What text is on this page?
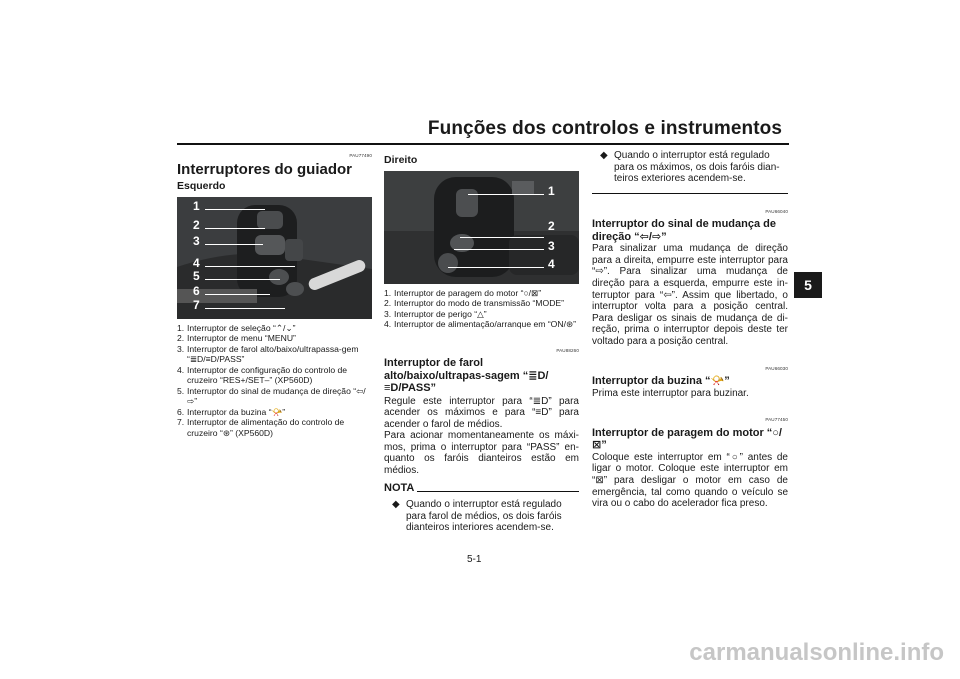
Funções dos controlos e instrumentos
5
PAU77490
Interruptores do guiador
Esquerdo
1
2
3
4
5
6
7
1. Interruptor de seleção “⌃/⌄”
2. Interruptor de menu “MENU”
3. Interruptor de farol alto/baixo/ultrapassa-gem “≣D/≡D/PASS”
4. Interruptor de configuração do controlo de cruzeiro “RES+/SET–” (XP560D)
5. Interruptor do sinal de mudança de direção “⇦/⇨”
6. Interruptor da buzina “📯”
7. Interruptor de alimentação do controlo de cruzeiro “⊛” (XP560D)
Direito
1
2
3
4
1. Interruptor de paragem do motor “○/⊠”
2. Interruptor do modo de transmissão “MODE”
3. Interruptor de perigo “△”
4. Interruptor de alimentação/arranque em “ON/⊛”
PAU88260
Interruptor de farol alto/baixo/ultrapas-sagem “≣D/≡D/PASS”
Regule este interruptor para “≣D” para acender os máximos e para “≡D” para acender o farol de médios.
Para acionar momentaneamente os máxi-mos, prima o interruptor para “PASS” en-quanto os faróis dianteiros estão em médios.
NOTA
◆ Quando o interruptor está regulado para farol de médios, os dois faróis dianteiros interiores acendem-se.
◆ Quando o interruptor está regulado para os máximos, os dois faróis dian-teiros exteriores acendem-se.
PAU66040
Interruptor do sinal de mudança de direção “⇦/⇨”
Para sinalizar uma mudança de direção para a direita, empurre este interruptor para “⇨”. Para sinalizar uma mudança de direção para a esquerda, empurre este in-terruptor para “⇦”. Assim que libertado, o interruptor volta para a posição central. Para desligar os sinais de mudança de di-reção, prima o interruptor depois deste ter voltado para a posição central.
PAU66030
Interruptor da buzina “📯”
Prima este interruptor para buzinar.
PAU77450
Interruptor de paragem do motor “○/⊠”
Coloque este interruptor em “○” antes de ligar o motor. Coloque este interruptor em “⊠” para desligar o motor em caso de emergência, tal como quando o veículo se vira ou o cabo do acelerador fica preso.
5-1
carmanualsonline.info
